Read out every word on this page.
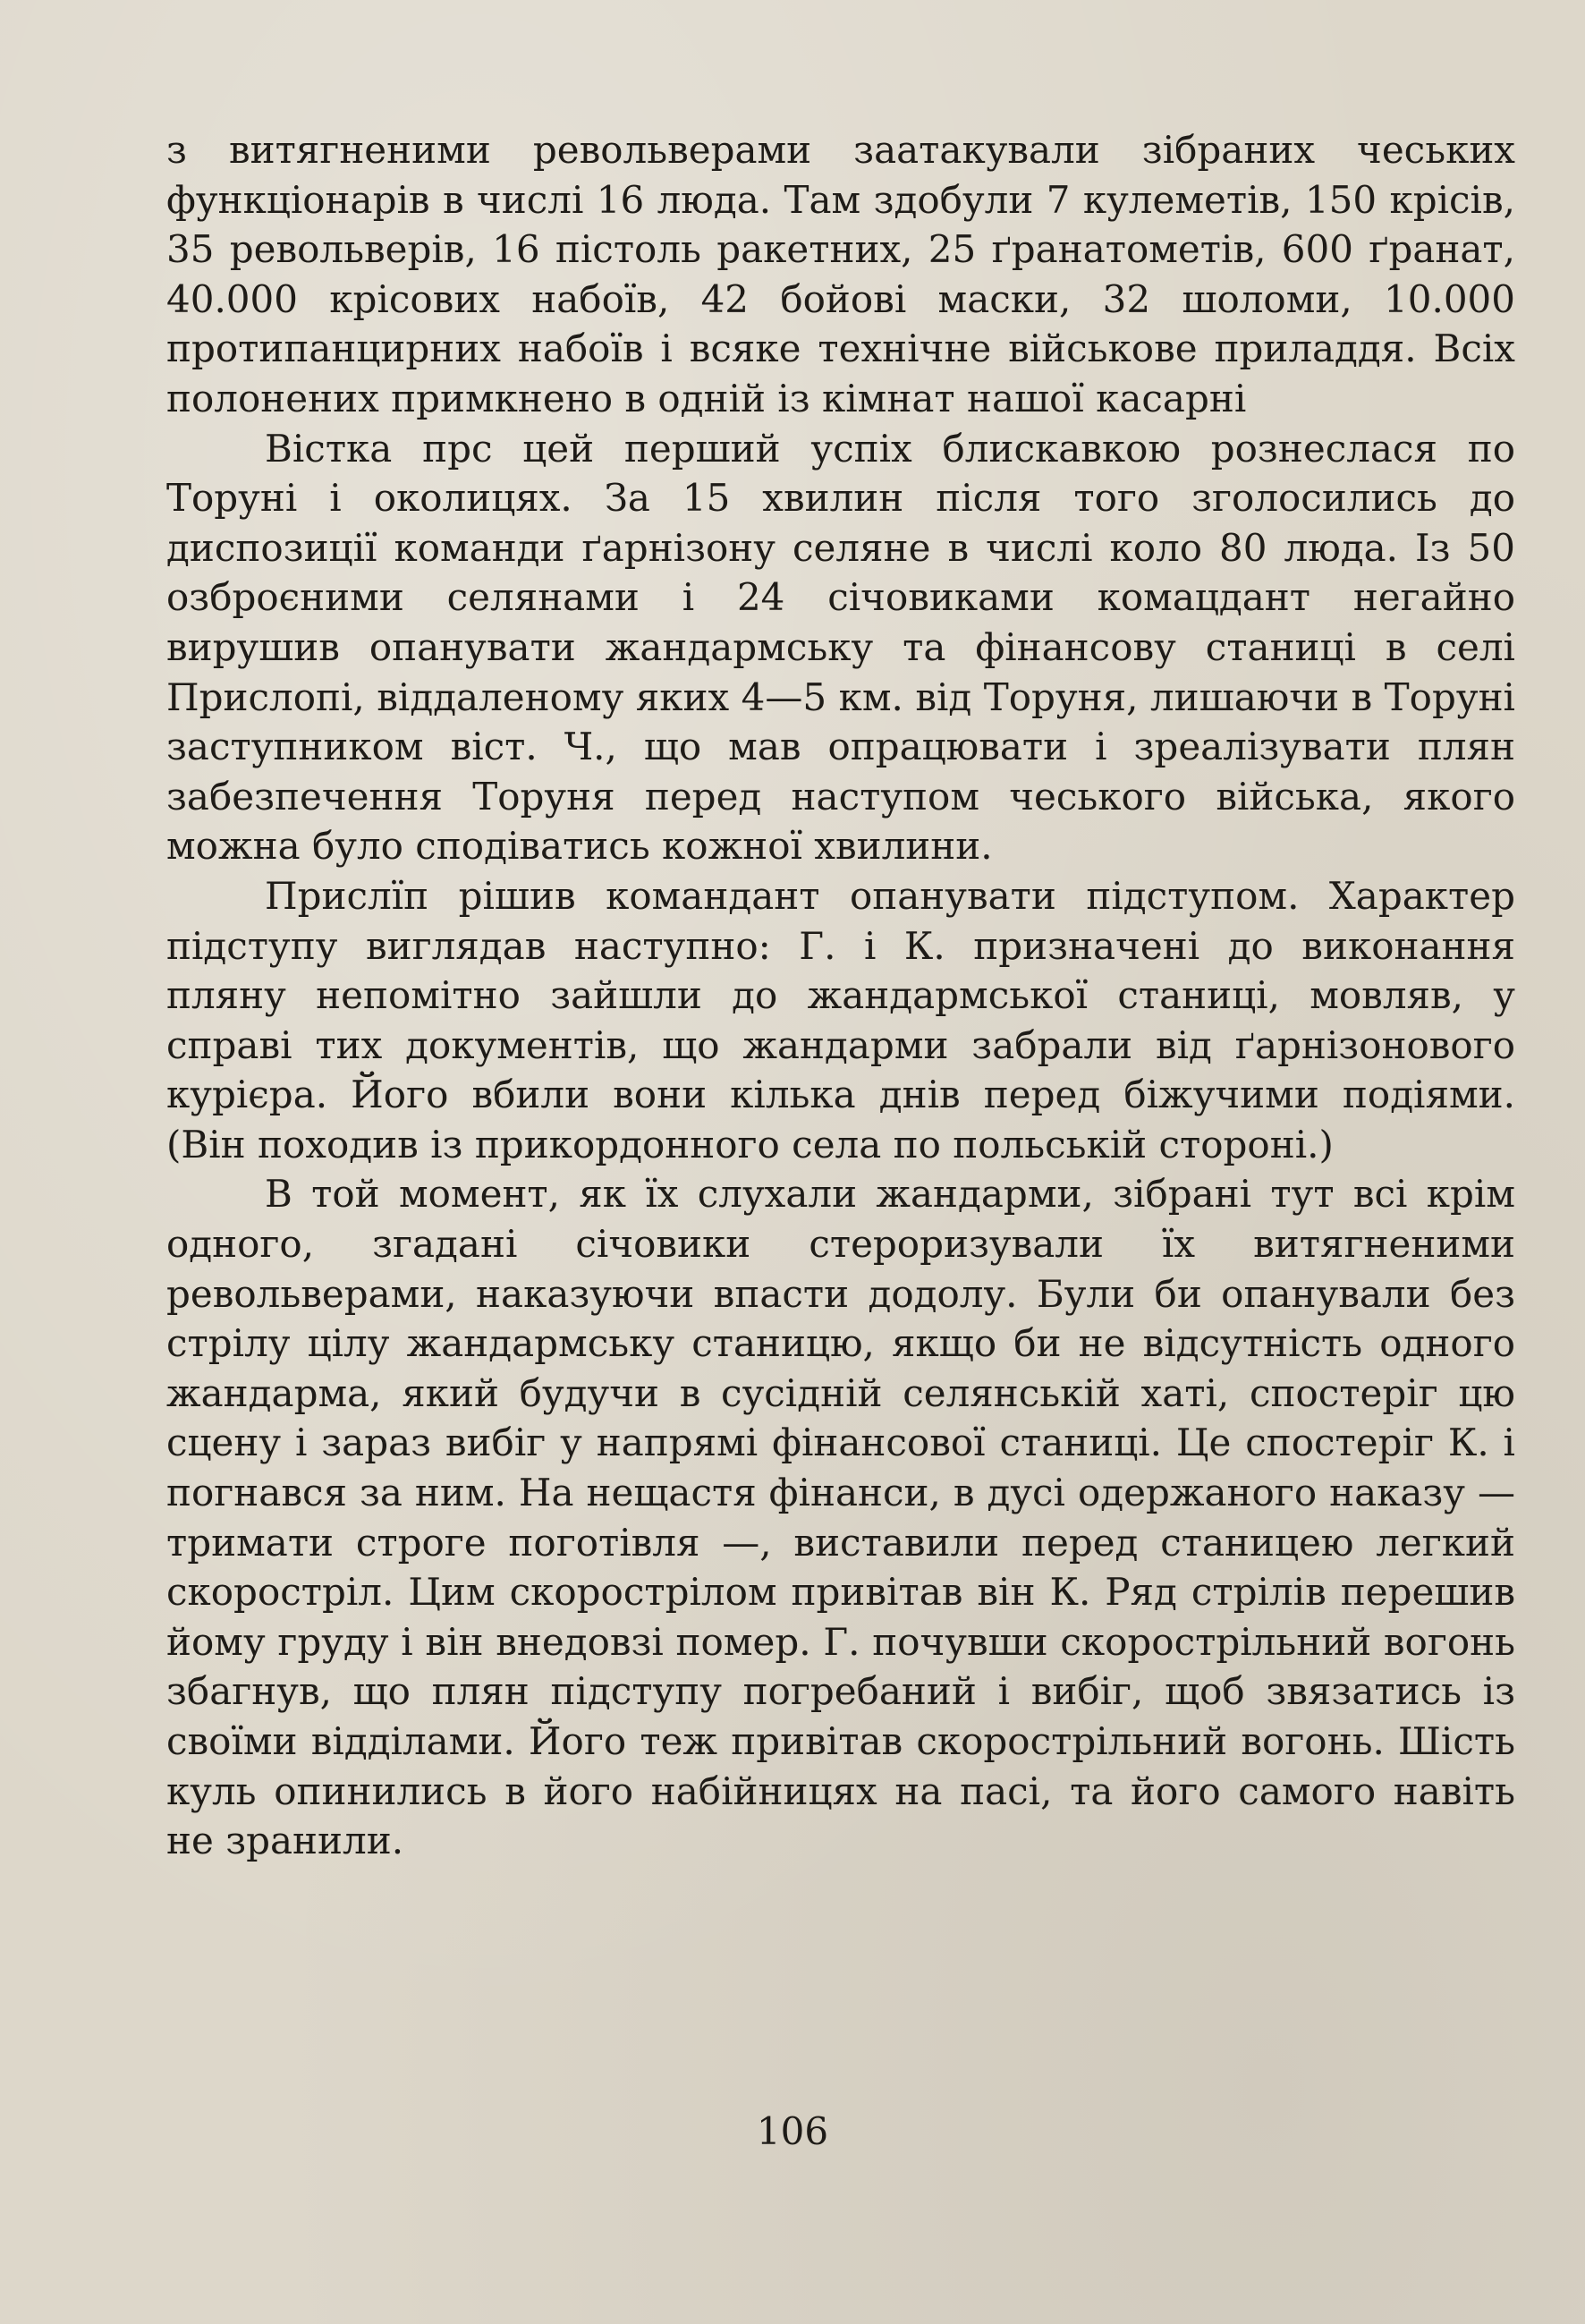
з витягненими револьверами заатакували зібраних чеських функціонарів в числі 16 люда. Там здобули 7 кулеметів, 150 крісів, 35 револьверів, 16 пістоль ракетних, 25 ґранатометів, 600 ґранат, 40.000 крісових набоїв, 42 бойові маски, 32 шоломи, 10.000 протипанцирних набоїв і всяке технічне військове приладдя. Всіх полонених примкнено в одній із кімнат нашої касарні

Вістка прс цей перший успіх блискавкою рознеслася по Торуні і околицях. За 15 хвилин після того зголосились до диспозиції команди ґарнізону селяне в числі коло 80 люда. Із 50 озброєними селянами і 24 січовиками комацдант негайно вирушив опанувати жандармську та фінансову станиці в селі Прислопі, віддаленому яких 4—5 км. від Торуня, лишаючи в Торуні заступником віст. Ч., що мав опрацювати і зреалізувати плян забезпечення Торуня перед наступом чеського війська, якого можна було сподіватись кожної хвилини.

Прислїп рішив командант опанувати підступом. Характер підступу виглядав наступно: Г. і К. призначені до виконання пляну непомітно зайшли до жандармської станиці, мовляв, у справі тих документів, що жандарми забрали від ґарнізонового курієра. Його вбили вони кілька днів перед біжучими подіями. (Він походив із прикордонного села по польській стороні.)

В той момент, як їх слухали жандарми, зібрані тут всі крім одного, згадані січовики стероризували їх витягненими револьверами, наказуючи впасти додолу. Були би опанували без стрілу цілу жандармську станицю, якщо би не відсутність одного жандарма, який будучи в сусідній селянській хаті, спостеріг цю сцену і зараз вибіг у напрямі фінансової станиці. Це спостеріг К. і погнався за ним. На нещастя фінанси, в дусі одержаного наказу — тримати строге поготівля —, виставили перед станицею легкий скоростріл. Цим скорострілом привітав він К. Ряд стрілів перешив йому груду і він внедовзі помер. Г. почувши скорострільний вогонь збагнув, що плян підступу погребаний і вибіг, щоб звязатись із своїми відділами. Його теж привітав скорострільний вогонь. Шість куль опинились в його набійницях на пасі, та його самого навіть не зранили.

106
